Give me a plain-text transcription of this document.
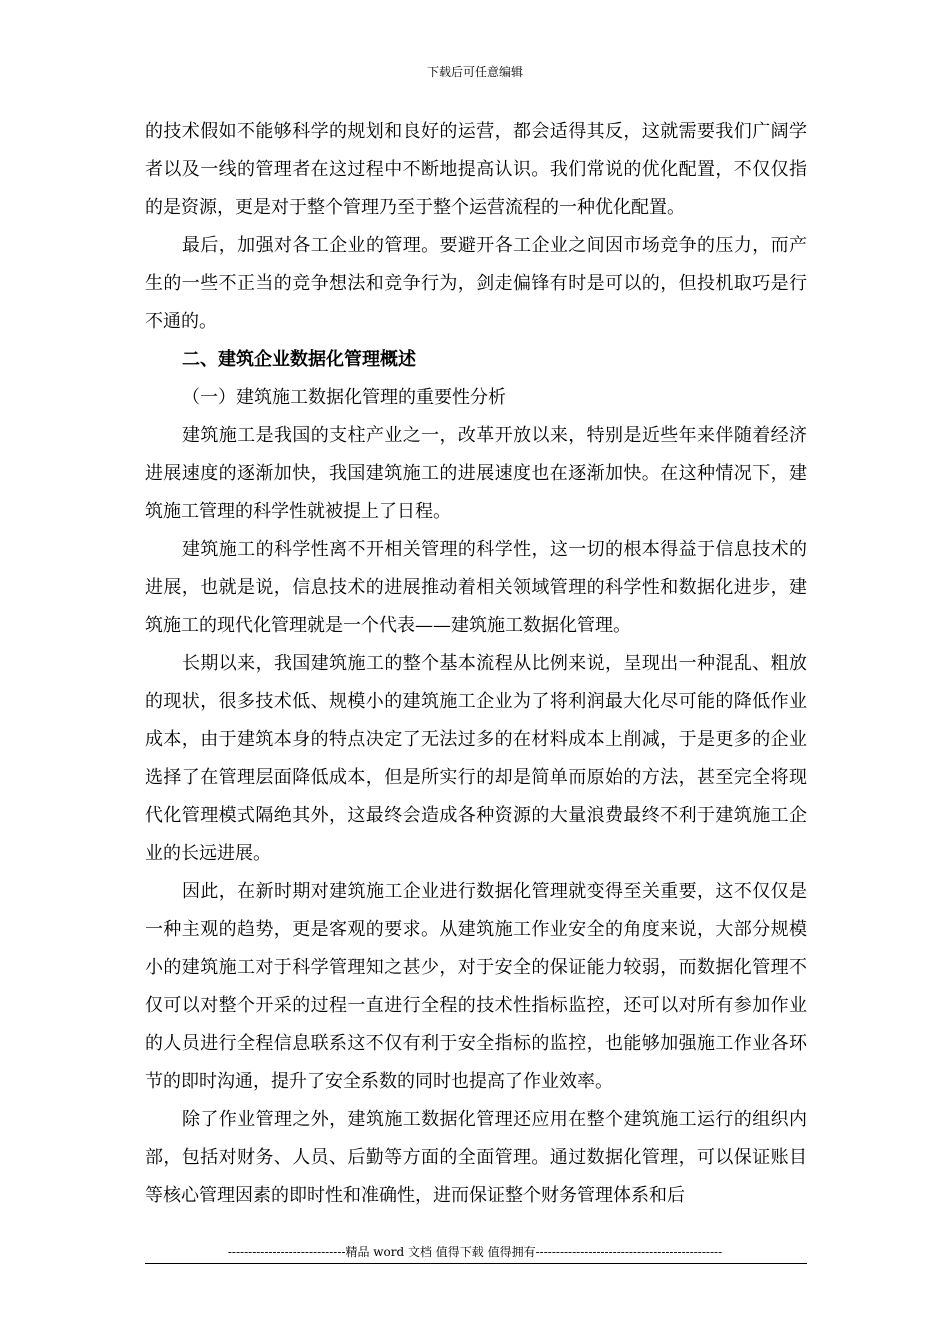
下载后可任意编辑

的技术假如不能够科学的规划和良好的运营，都会适得其反，这就需要我们广阔学者以及一线的管理者在这过程中不断地提高认识。我们常说的优化配置，不仅仅指的是资源，更是对于整个管理乃至于整个运营流程的一种优化配置。

最后，加强对各工企业的管理。要避开各工企业之间因市场竞争的压力，而产生的一些不正当的竞争想法和竞争行为，剑走偏锋有时是可以的，但投机取巧是行不通的。

二、建筑企业数据化管理概述

（一）建筑施工数据化管理的重要性分析

建筑施工是我国的支柱产业之一，改革开放以来，特别是近些年来伴随着经济进展速度的逐渐加快，我国建筑施工的进展速度也在逐渐加快。在这种情况下，建筑施工管理的科学性就被提上了日程。

建筑施工的科学性离不开相关管理的科学性，这一切的根本得益于信息技术的进展，也就是说，信息技术的进展推动着相关领域管理的科学性和数据化进步，建筑施工的现代化管理就是一个代表——建筑施工数据化管理。

长期以来，我国建筑施工的整个基本流程从比例来说，呈现出一种混乱、粗放的现状，很多技术低、规模小的建筑施工企业为了将利润最大化尽可能的降低作业成本，由于建筑本身的特点决定了无法过多的在材料成本上削减，于是更多的企业选择了在管理层面降低成本，但是所实行的却是简单而原始的方法，甚至完全将现代化管理模式隔绝其外，这最终会造成各种资源的大量浪费最终不利于建筑施工企业的长远进展。

因此，在新时期对建筑施工企业进行数据化管理就变得至关重要，这不仅仅是一种主观的趋势，更是客观的要求。从建筑施工作业安全的角度来说，大部分规模小的建筑施工对于科学管理知之甚少，对于安全的保证能力较弱，而数据化管理不仅可以对整个开采的过程一直进行全程的技术性指标监控，还可以对所有参加作业的人员进行全程信息联系这不仅有利于安全指标的监控，也能够加强施工作业各环节的即时沟通，提升了安全系数的同时也提高了作业效率。

除了作业管理之外，建筑施工数据化管理还应用在整个建筑施工运行的组织内部，包括对财务、人员、后勤等方面的全面管理。通过数据化管理，可以保证账目等核心管理因素的即时性和准确性，进而保证整个财务管理体系和后

-----------------------------精品 word 文档 值得下载 值得拥有----------------------------------------------
